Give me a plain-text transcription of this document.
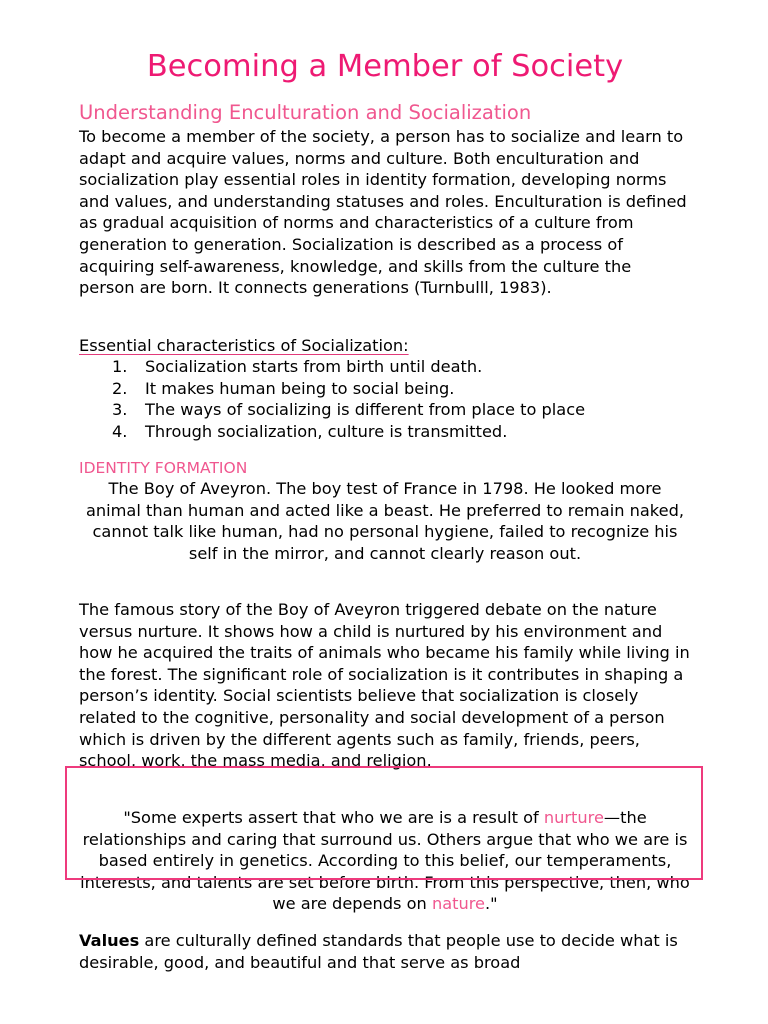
Becoming a Member of Society
Understanding Enculturation and Socialization
To become a member of the society, a person has to socialize and learn to adapt and acquire values, norms and culture. Both enculturation and socialization play essential roles in identity formation, developing norms and values, and understanding statuses and roles. Enculturation is defined as gradual acquisition of norms and characteristics of a culture from generation to generation. Socialization is described as a process of acquiring self-awareness, knowledge, and skills from the culture the person are born. It connects generations (Turnbulll, 1983).
Essential characteristics of Socialization:
1. Socialization starts from birth until death.
2. It makes human being to social being.
3. The ways of socializing is different from place to place
4. Through socialization, culture is transmitted.
IDENTITY FORMATION
The Boy of Aveyron. The boy test of France in 1798. He looked more animal than human and acted like a beast. He preferred to remain naked, cannot talk like human, had no personal hygiene, failed to recognize his self in the mirror, and cannot clearly reason out.
The famous story of the Boy of Aveyron triggered debate on the nature versus nurture. It shows how a child is nurtured by his environment and how he acquired the traits of animals who became his family while living in the forest. The significant role of socialization is it contributes in shaping a person’s identity. Social scientists believe that socialization is closely related to the cognitive, personality and social development of a person which is driven by the different agents such as family, friends, peers, school, work, the mass media, and religion.
"Some experts assert that who we are is a result of nurture—the relationships and caring that surround us. Others argue that who we are is based entirely in genetics. According to this belief, our temperaments, interests, and talents are set before birth. From this perspective, then, who we are depends on nature."
Values are culturally defined standards that people use to decide what is desirable, good, and beautiful and that serve as broad
